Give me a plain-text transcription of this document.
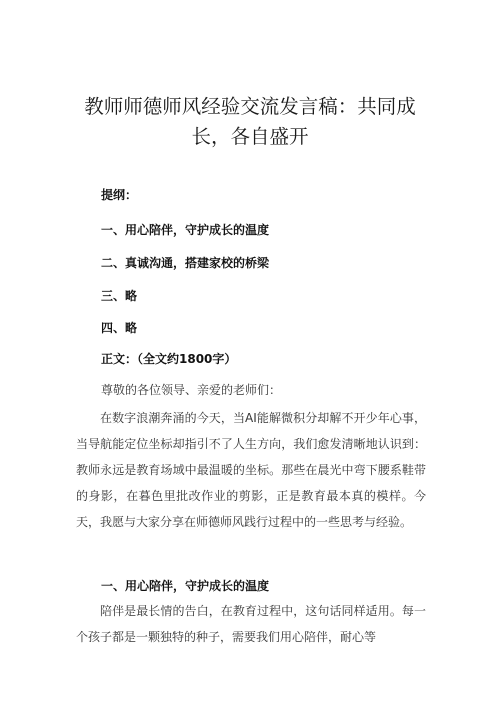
教师师德师风经验交流发言稿：共同成长，各自盛开

提纲：

一、用心陪伴，守护成长的温度

二、真诚沟通，搭建家校的桥梁

三、略

四、略

正文：（全文约1800字）

尊敬的各位领导、亲爱的老师们：

在数字浪潮奔涌的今天，当AI能解微积分却解不开少年心事，当导航能定位坐标却指引不了人生方向，我们愈发清晰地认识到：教师永远是教育场域中最温暖的坐标。那些在晨光中弯下腰系鞋带的身影，在暮色里批改作业的剪影，正是教育最本真的模样。今天，我愿与大家分享在师德师风践行过程中的一些思考与经验。

一、用心陪伴，守护成长的温度

陪伴是最长情的告白，在教育过程中，这句话同样适用。每一个孩子都是一颗独特的种子，需要我们用心陪伴，耐心等
